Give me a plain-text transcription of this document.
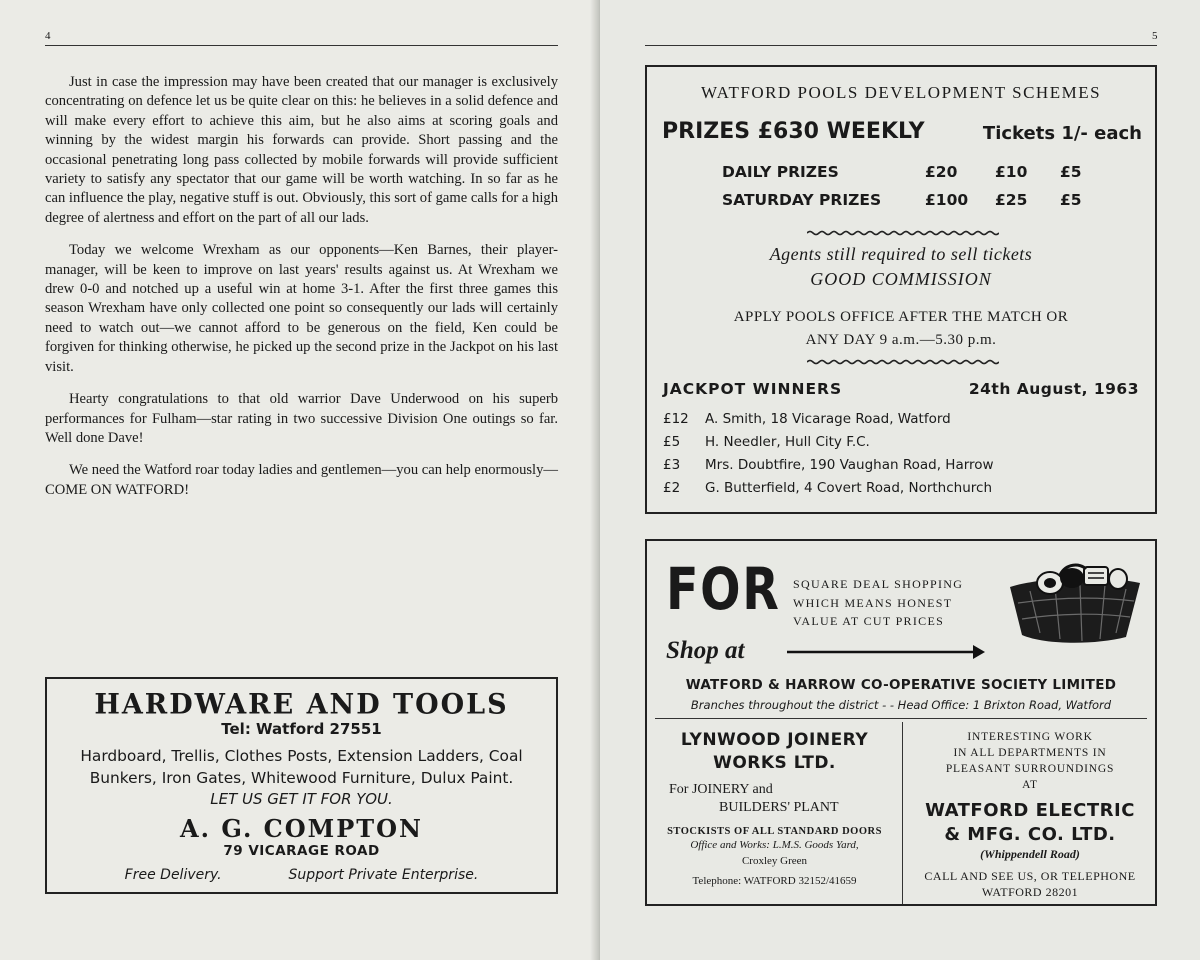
4

Just in case the impression may have been created that our manager is exclusively concentrating on defence let us be quite clear on this: he believes in a solid defence and will make every effort to achieve this aim, but he also aims at scoring goals and winning by the widest margin his forwards can provide. Short passing and the occasional penetrating long pass collected by mobile forwards will provide sufficient variety to satisfy any spectator that our game will be worth watching. In so far as he can influence the play, negative stuff is out. Obviously, this sort of game calls for a high degree of alertness and effort on the part of all our lads.

Today we welcome Wrexham as our opponents—Ken Barnes, their player-manager, will be keen to improve on last years' results against us. At Wrexham we drew 0-0 and notched up a useful win at home 3-1. After the first three games this season Wrexham have only collected one point so consequently our lads will certainly need to watch out—we cannot afford to be generous on the field, Ken could be forgiven for thinking otherwise, he picked up the second prize in the Jackpot on his last visit.

Hearty congratulations to that old warrior Dave Underwood on his superb performances for Fulham—star rating in two successive Division One outings so far. Well done Dave!

We need the Watford roar today ladies and gentlemen—you can help enormously—COME ON WATFORD!

HARDWARE AND TOOLS
Tel: Watford 27551
Hardboard, Trellis, Clothes Posts, Extension Ladders, Coal Bunkers, Iron Gates, Whitewood Furniture, Dulux Paint.
LET US GET IT FOR YOU.
A. G. COMPTON
79 VICARAGE ROAD
Free Delivery.	Support Private Enterprise.
5
WATFORD POOLS DEVELOPMENT SCHEMES
PRIZES £630 WEEKLY	Tickets 1/- each
DAILY PRIZES	£20 £10 £5
SATURDAY PRIZES	£100 £25 £5
Agents still required to sell tickets
GOOD COMMISSION
APPLY POOLS OFFICE AFTER THE MATCH OR
ANY DAY 9 a.m.—5.30 p.m.
JACKPOT WINNERS	24th August, 1963
£12 A. Smith, 18 Vicarage Road, Watford
£5 H. Needler, Hull City F.C.
£3 Mrs. Doubtfire, 190 Vaughan Road, Harrow
£2 G. Butterfield, 4 Covert Road, Northchurch
FOR SQUARE DEAL SHOPPING
WHICH MEANS HONEST
VALUE AT CUT PRICES
Shop at
WATFORD & HARROW CO-OPERATIVE SOCIETY LIMITED
Branches throughout the district - - Head Office: 1 Brixton Road, Watford
LYNWOOD JOINERY
WORKS LTD.
For JOINERY and
BUILDERS' PLANT
STOCKISTS OF ALL STANDARD DOORS
Office and Works: L.M.S. Goods Yard,
Croxley Green
Telephone: WATFORD 32152/41659
INTERESTING WORK
IN ALL DEPARTMENTS IN
PLEASANT SURROUNDINGS
AT
WATFORD ELECTRIC
& MFG. CO. LTD.
(Whippendell Road)
CALL AND SEE US, OR TELEPHONE
WATFORD 28201
